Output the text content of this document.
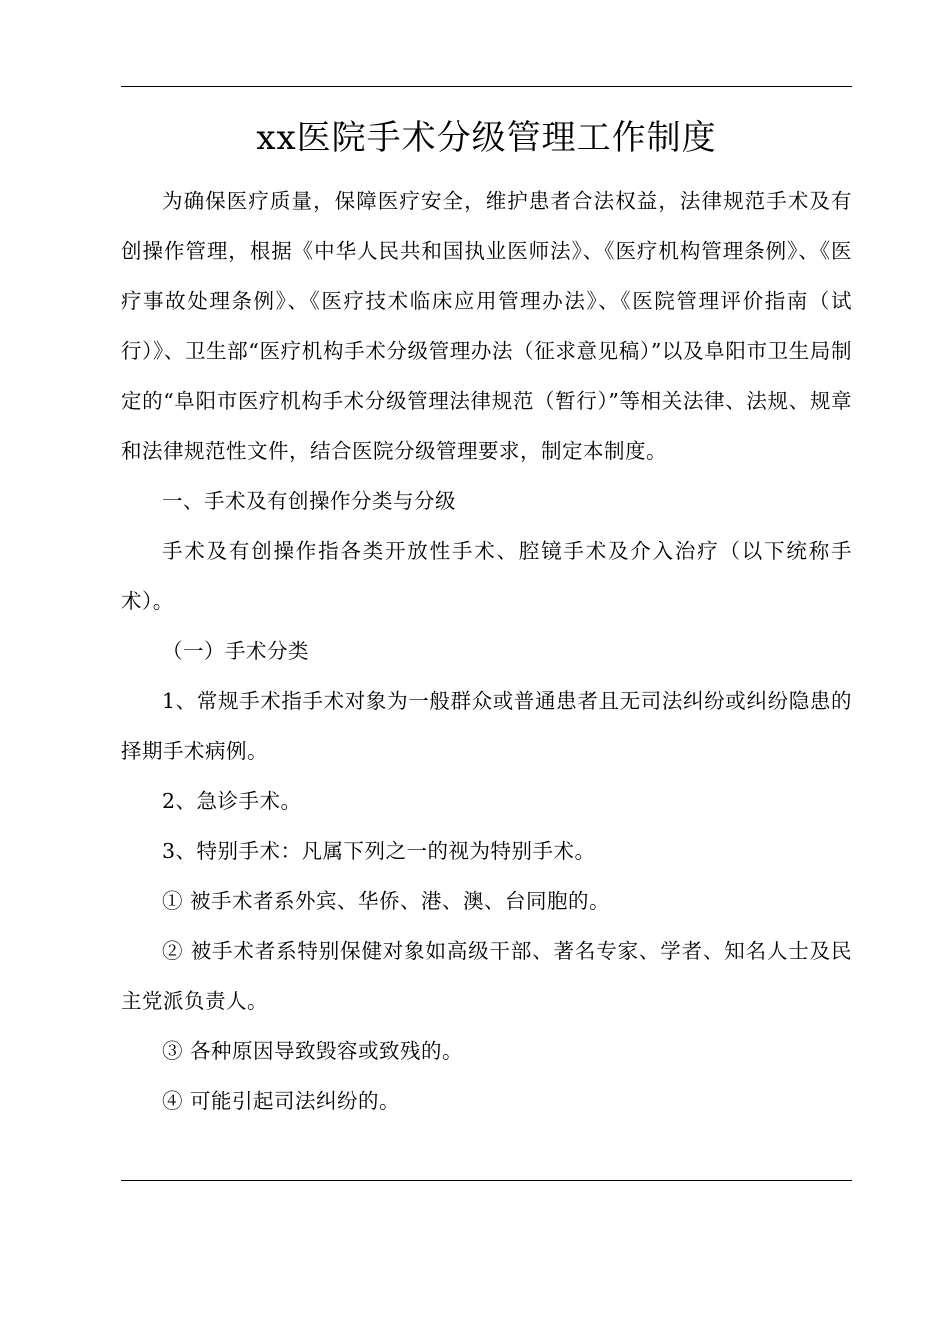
xx医院手术分级管理工作制度

为确保医疗质量，保障医疗安全，维护患者合法权益，法律规范手术及有创操作管理，根据《中华人民共和国执业医师法》、《医疗机构管理条例》、《医疗事故处理条例》、《医疗技术临床应用管理办法》、《医院管理评价指南（试行）》、卫生部“医疗机构手术分级管理办法（征求意见稿）”以及阜阳市卫生局制定的“阜阳市医疗机构手术分级管理法律规范（暂行）”等相关法律、法规、规章和法律规范性文件，结合医院分级管理要求，制定本制度。

一、手术及有创操作分类与分级

手术及有创操作指各类开放性手术、腔镜手术及介入治疗（以下统称手术）。

（一）手术分类

1、常规手术指手术对象为一般群众或普通患者且无司法纠纷或纠纷隐患的择期手术病例。

2、急诊手术。

3、特别手术：凡属下列之一的视为特别手术。

① 被手术者系外宾、华侨、港、澳、台同胞的。

② 被手术者系特别保健对象如高级干部、著名专家、学者、知名人士及民主党派负责人。

③ 各种原因导致毁容或致残的。

④ 可能引起司法纠纷的。
